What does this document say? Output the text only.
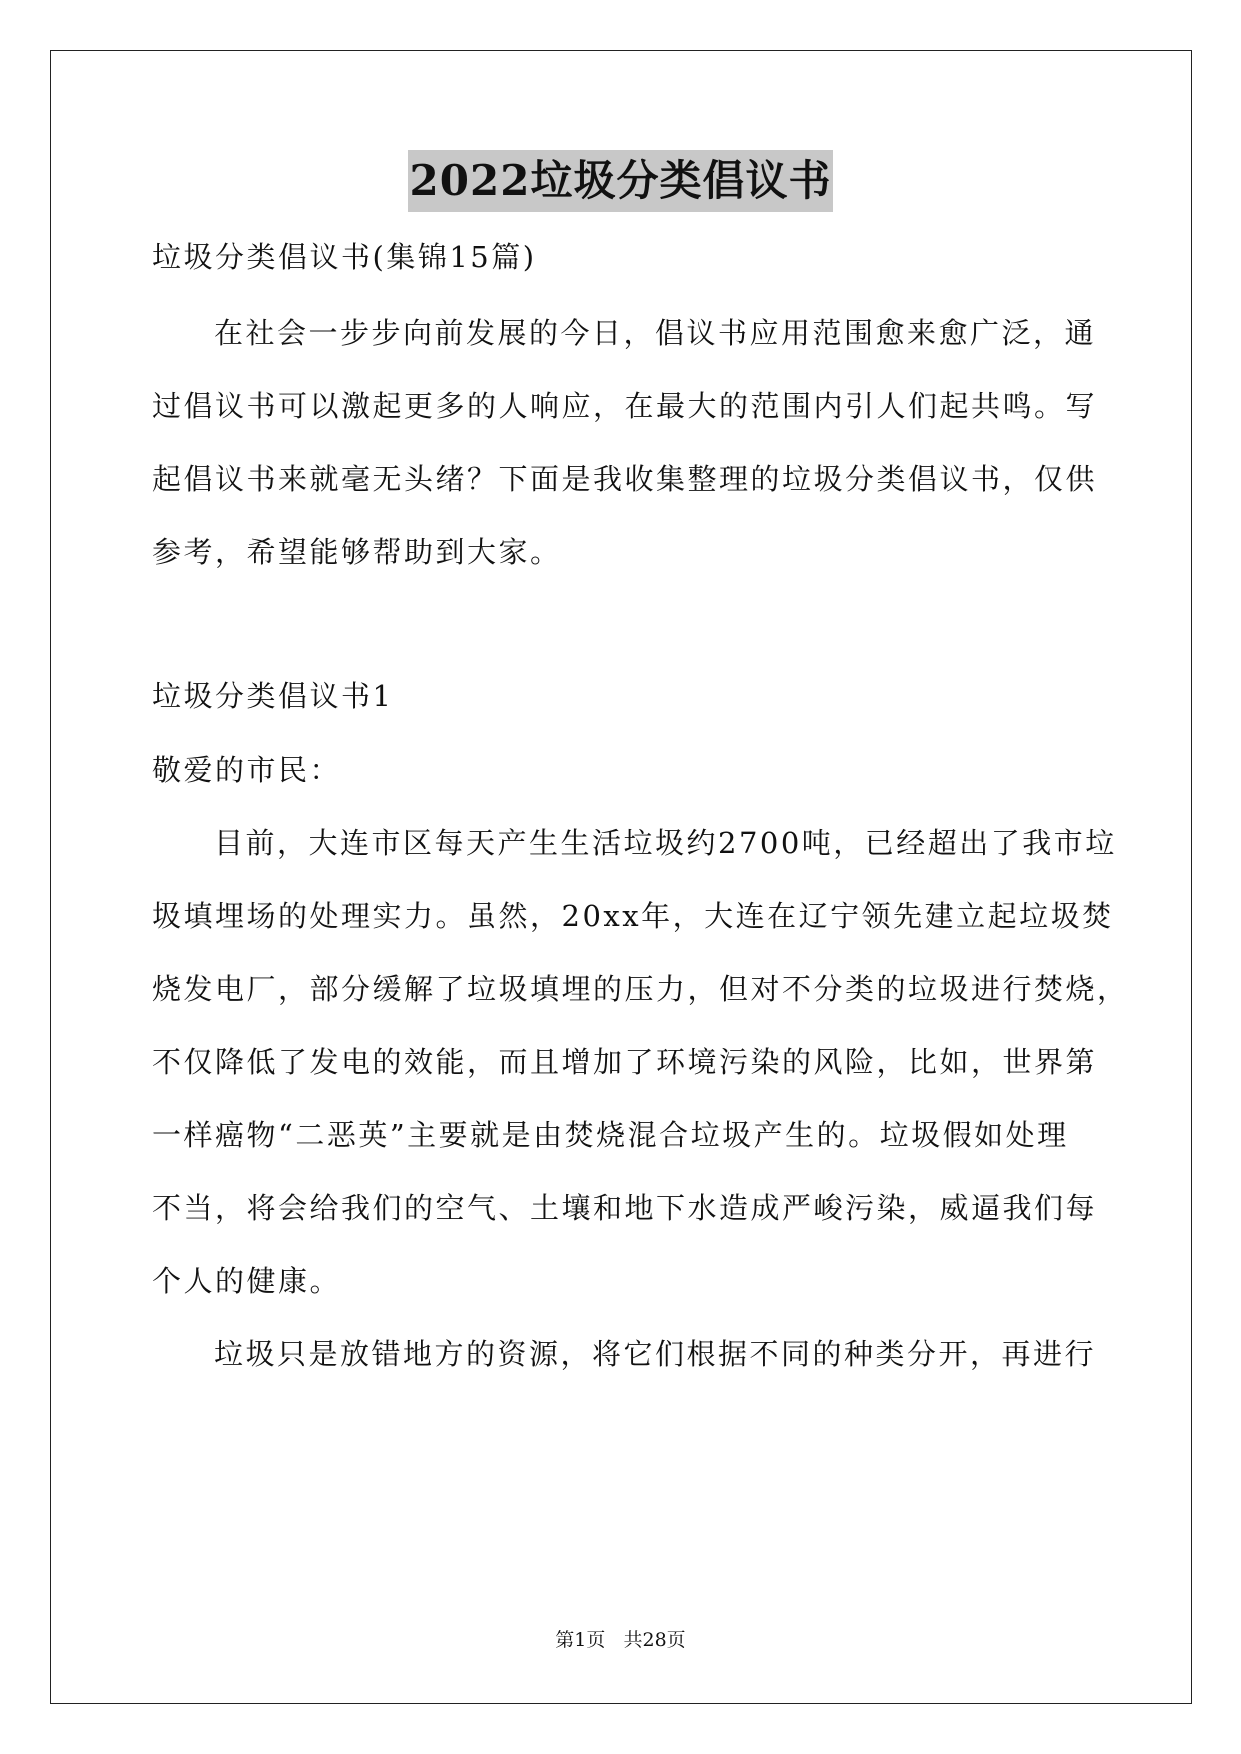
2022垃圾分类倡议书
垃圾分类倡议书(集锦15篇)
在社会一步步向前发展的今日，倡议书应用范围愈来愈广泛，通
过倡议书可以激起更多的人响应，在最大的范围内引人们起共鸣。写
起倡议书来就毫无头绪？下面是我收集整理的垃圾分类倡议书，仅供
参考，希望能够帮助到大家。
垃圾分类倡议书1
敬爱的市民：
目前，大连市区每天产生生活垃圾约2700吨，已经超出了我市垃
圾填埋场的处理实力。虽然，20xx年，大连在辽宁领先建立起垃圾焚
烧发电厂，部分缓解了垃圾填埋的压力，但对不分类的垃圾进行焚烧，
不仅降低了发电的效能，而且增加了环境污染的风险，比如，世界第
一样癌物“二恶英”主要就是由焚烧混合垃圾产生的。垃圾假如处理
不当，将会给我们的空气、土壤和地下水造成严峻污染，威逼我们每
个人的健康。
垃圾只是放错地方的资源，将它们根据不同的种类分开，再进行
第1页   共28页
